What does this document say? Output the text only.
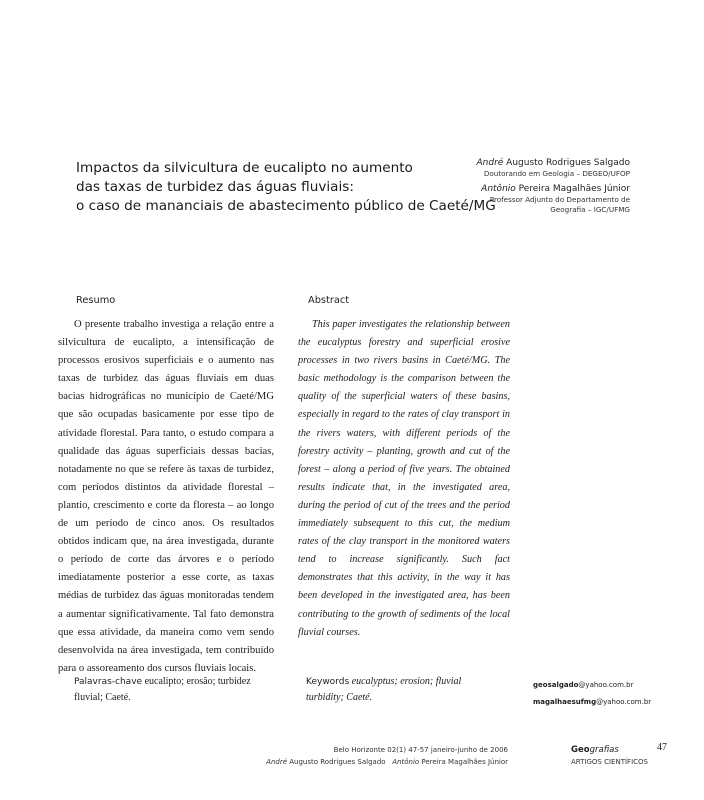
Impactos da silvicultura de eucalipto no aumento
das taxas de turbidez das águas fluviais:
o caso de mananciais de abastecimento público de Caeté/MG
André Augusto Rodrigues Salgado
Doutorando em Geologia – DEGEO/UFOP
Antônio Pereira Magalhães Júnior
Professor Adjunto do Departamento de
Geografia – IGC/UFMG
Resumo	Abstract

O presente trabalho investiga a relação entre a silvicultura de eucalipto, a intensificação de processos erosivos superficiais e o aumento nas taxas de turbidez das águas fluviais em duas bacias hidrográficas no município de Caeté/MG que são ocupadas basicamente por esse tipo de atividade florestal. Para tanto, o estudo compara a qualidade das águas superficiais dessas bacias, notadamente no que se refere às taxas de turbidez, com períodos distintos da atividade florestal – plantio, crescimento e corte da floresta – ao longo de um período de cinco anos. Os resultados obtidos indicam que, na área investigada, durante o período de corte das árvores e o período imediatamente posterior a esse corte, as taxas médias de turbidez das águas monitoradas tendem a aumentar significativamente. Tal fato demonstra que essa atividade, da maneira como vem sendo desenvolvida na área investigada, tem contribuído para o assoreamento dos cursos fluviais locais.

This paper investigates the relationship between the eucalyptus forestry and superficial erosive processes in two rivers basins in Caeté/MG. The basic methodology is the comparison between the quality of the superficial waters of these basins, especially in regard to the rates of clay transport in the rivers waters, with different periods of the forestry activity – planting, growth and cut of the forest – along a period of five years. The obtained results indicate that, in the investigated area, during the period of cut of the trees and the period immediately subsequent to this cut, the medium rates of the clay transport in the monitored waters tend to increase significantly. Such fact demonstrates that this activity, in the way it has been developed in the investigated area, has been contributing to the growth of sediments of the local fluvial courses.

Palavras-chave eucalipto; erosão; turbidez fluvial; Caeté.
Keywords eucalyptus; erosion; fluvial turbidity; Caeté.
geosalgado@yahoo.com.br
magalhaesufmg@yahoo.com.br
Belo Horizonte 02(1) 47-57 janeiro-junho de 2006
André Augusto Rodrigues Salgado Antônio Pereira Magalhães Júnior
Geografias
ARTIGOS CIENTÍFICOS
47
